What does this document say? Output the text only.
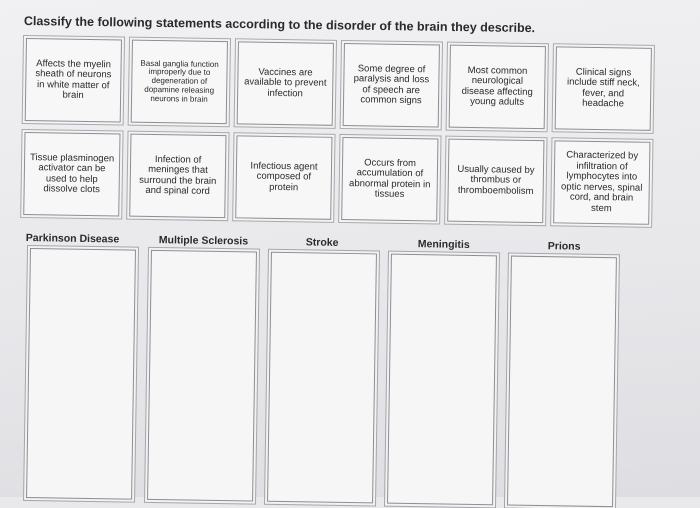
Classify the following statements according to the disorder of the brain they describe.
Affects the myelin sheath of neurons in white matter of brain
Basal ganglia function improperly due to degeneration of dopamine releasing neurons in brain
Vaccines are available to prevent infection
Some degree of paralysis and loss of speech are common signs
Most common neurological disease affecting young adults
Clinical signs include stiff neck, fever, and headache
Tissue plasminogen activator can be used to help dissolve clots
Infection of meninges that surround the brain and spinal cord
Infectious agent composed of protein
Occurs from accumulation of abnormal protein in tissues
Usually caused by thrombus or thromboembolism
Characterized by infiltration of lymphocytes into optic nerves, spinal cord, and brain stem
Parkinson Disease	Multiple Sclerosis	Stroke	Meningitis	Prions
